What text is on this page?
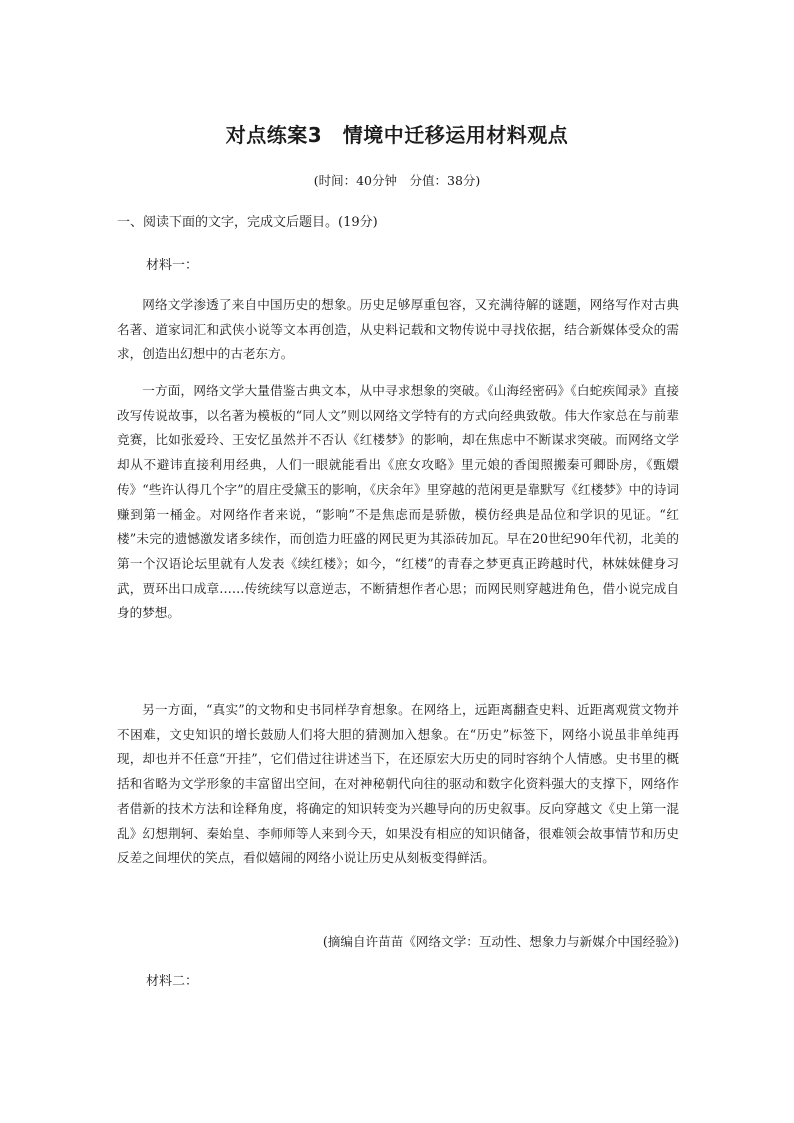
对点练案3　情境中迁移运用材料观点
(时间：40分钟　分值：38分)
一、阅读下面的文字，完成文后题目。(19分)
材料一：

网络文学渗透了来自中国历史的想象。历史足够厚重包容，又充满待解的谜题，网络写作对古典名著、道家词汇和武侠小说等文本再创造，从史料记载和文物传说中寻找依据，结合新媒体受众的需求，创造出幻想中的古老东方。

一方面，网络文学大量借鉴古典文本，从中寻求想象的突破。《山海经密码》《白蛇疾闻录》直接改写传说故事，以名著为模板的“同人文”则以网络文学特有的方式向经典致敬。伟大作家总在与前辈竞赛，比如张爱玲、王安忆虽然并不否认《红楼梦》的影响，却在焦虑中不断谋求突破。而网络文学却从不避讳直接利用经典，人们一眼就能看出《庶女攻略》里元娘的香闺照搬秦可卿卧房，《甄嬛传》“些许认得几个字”的眉庄受黛玉的影响，《庆余年》里穿越的范闲更是靠默写《红楼梦》中的诗词赚到第一桶金。对网络作者来说，“影响”不是焦虑而是骄傲，模仿经典是品位和学识的见证。“红楼”未完的遗憾激发诸多续作，而创造力旺盛的网民更为其添砖加瓦。早在20世纪90年代初，北美的第一个汉语论坛里就有人发表《续红楼》；如今，“红楼”的青春之梦更真正跨越时代，林妹妹健身习武，贾环出口成章……传统续写以意逆志，不断猜想作者心思；而网民则穿越进角色，借小说完成自身的梦想。

另一方面，“真实”的文物和史书同样孕育想象。在网络上，远距离翻查史料、近距离观赏文物并不困难，文史知识的增长鼓励人们将大胆的猜测加入想象。在“历史”标签下，网络小说虽非单纯再现，却也并不任意“开挂”，它们借过往讲述当下，在还原宏大历史的同时容纳个人情感。史书里的概括和省略为文学形象的丰富留出空间，在对神秘朝代向往的驱动和数字化资料强大的支撑下，网络作者借新的技术方法和诠释角度，将确定的知识转变为兴趣导向的历史叙事。反向穿越文《史上第一混乱》幻想荆轲、秦始皇、李师师等人来到今天，如果没有相应的知识储备，很难领会故事情节和历史反差之间埋伏的笑点，看似嬉闹的网络小说让历史从刻板变得鲜活。

(摘编自许苗苗《网络文学：互动性、想象力与新媒介中国经验》)
材料二：
